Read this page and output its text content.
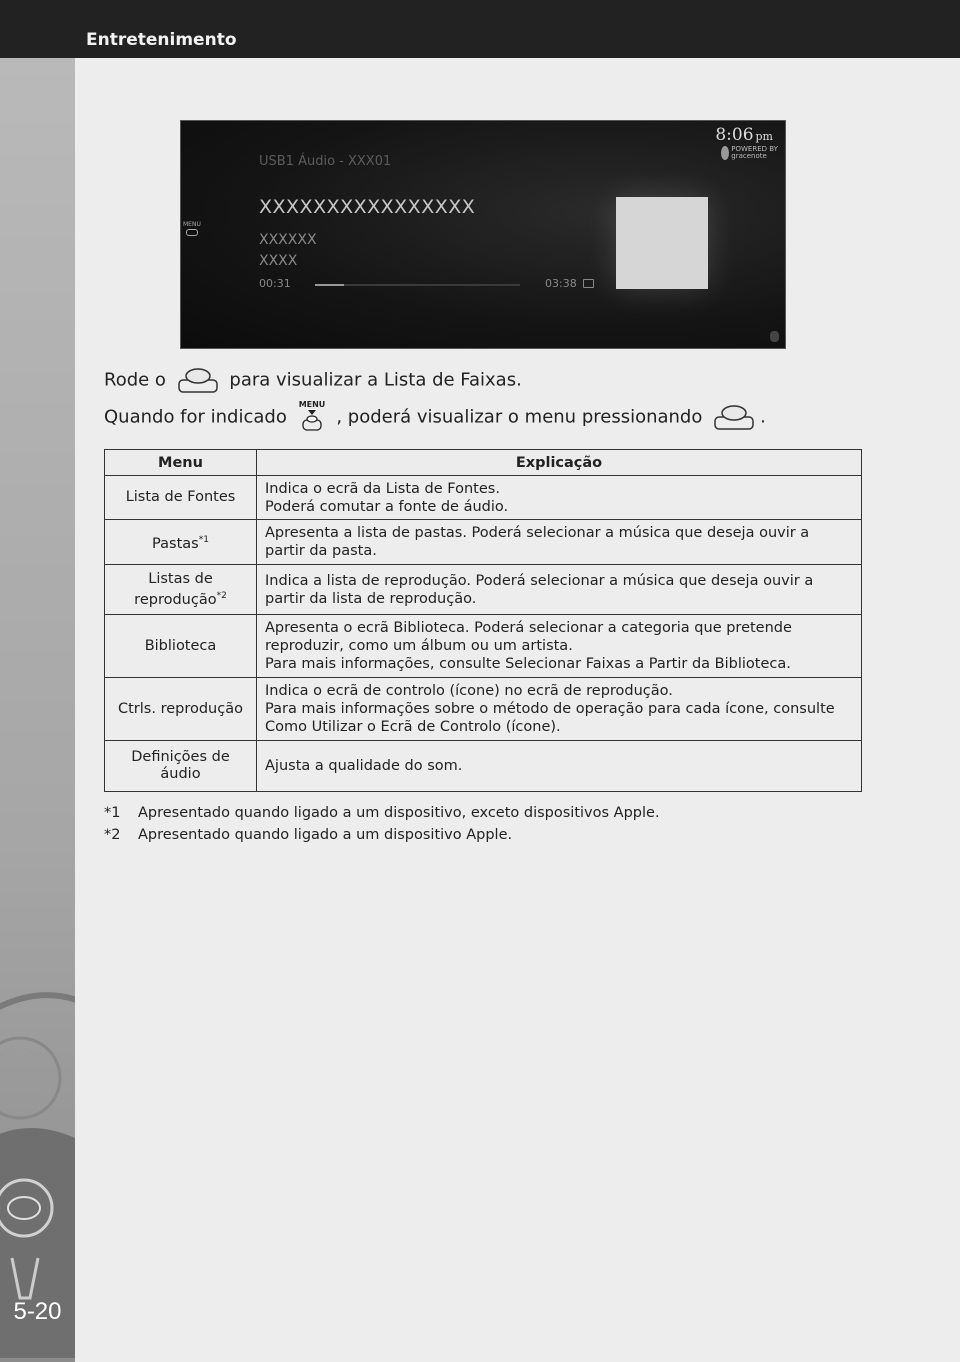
Entretenimento
5-20
8:06 pm
POWERED BY gracenote
USB1 Áudio - XXX01
XXXXXXXXXXXXXXXX
XXXXXX
XXXX
00:31	03:38
MENU
Rode o	para visualizar a Lista de Faixas.
Quando for indicado
MENU
, poderá visualizar o menu pressionando	.
Menu	Explicação
Lista de Fontes	Indica o ecrã da Lista de Fontes.
Poderá comutar a fonte de áudio.

Pastas$^{*1}$	Apresenta a lista de pastas. Poderá selecionar a música que deseja ouvir a partir da pasta.

Listas de reprodução$^{*2}$	Indica a lista de reprodução. Poderá selecionar a música que deseja ouvir a partir da lista de reprodução.

Biblioteca	Apresenta o ecrã Biblioteca. Poderá selecionar a categoria que pretende reproduzir, como um álbum ou um artista.
Para mais informações, consulte Selecionar Faixas a Partir da Biblioteca.

Ctrls. reprodução	Indica o ecrã de controlo (ícone) no ecrã de reprodução.
Para mais informações sobre o método de operação para cada ícone, consulte Como Utilizar o Ecrã de Controlo (ícone).

Definições de áudio	Ajusta a qualidade do som.
*1 Apresentado quando ligado a um dispositivo, exceto dispositivos Apple.
*2 Apresentado quando ligado a um dispositivo Apple.
